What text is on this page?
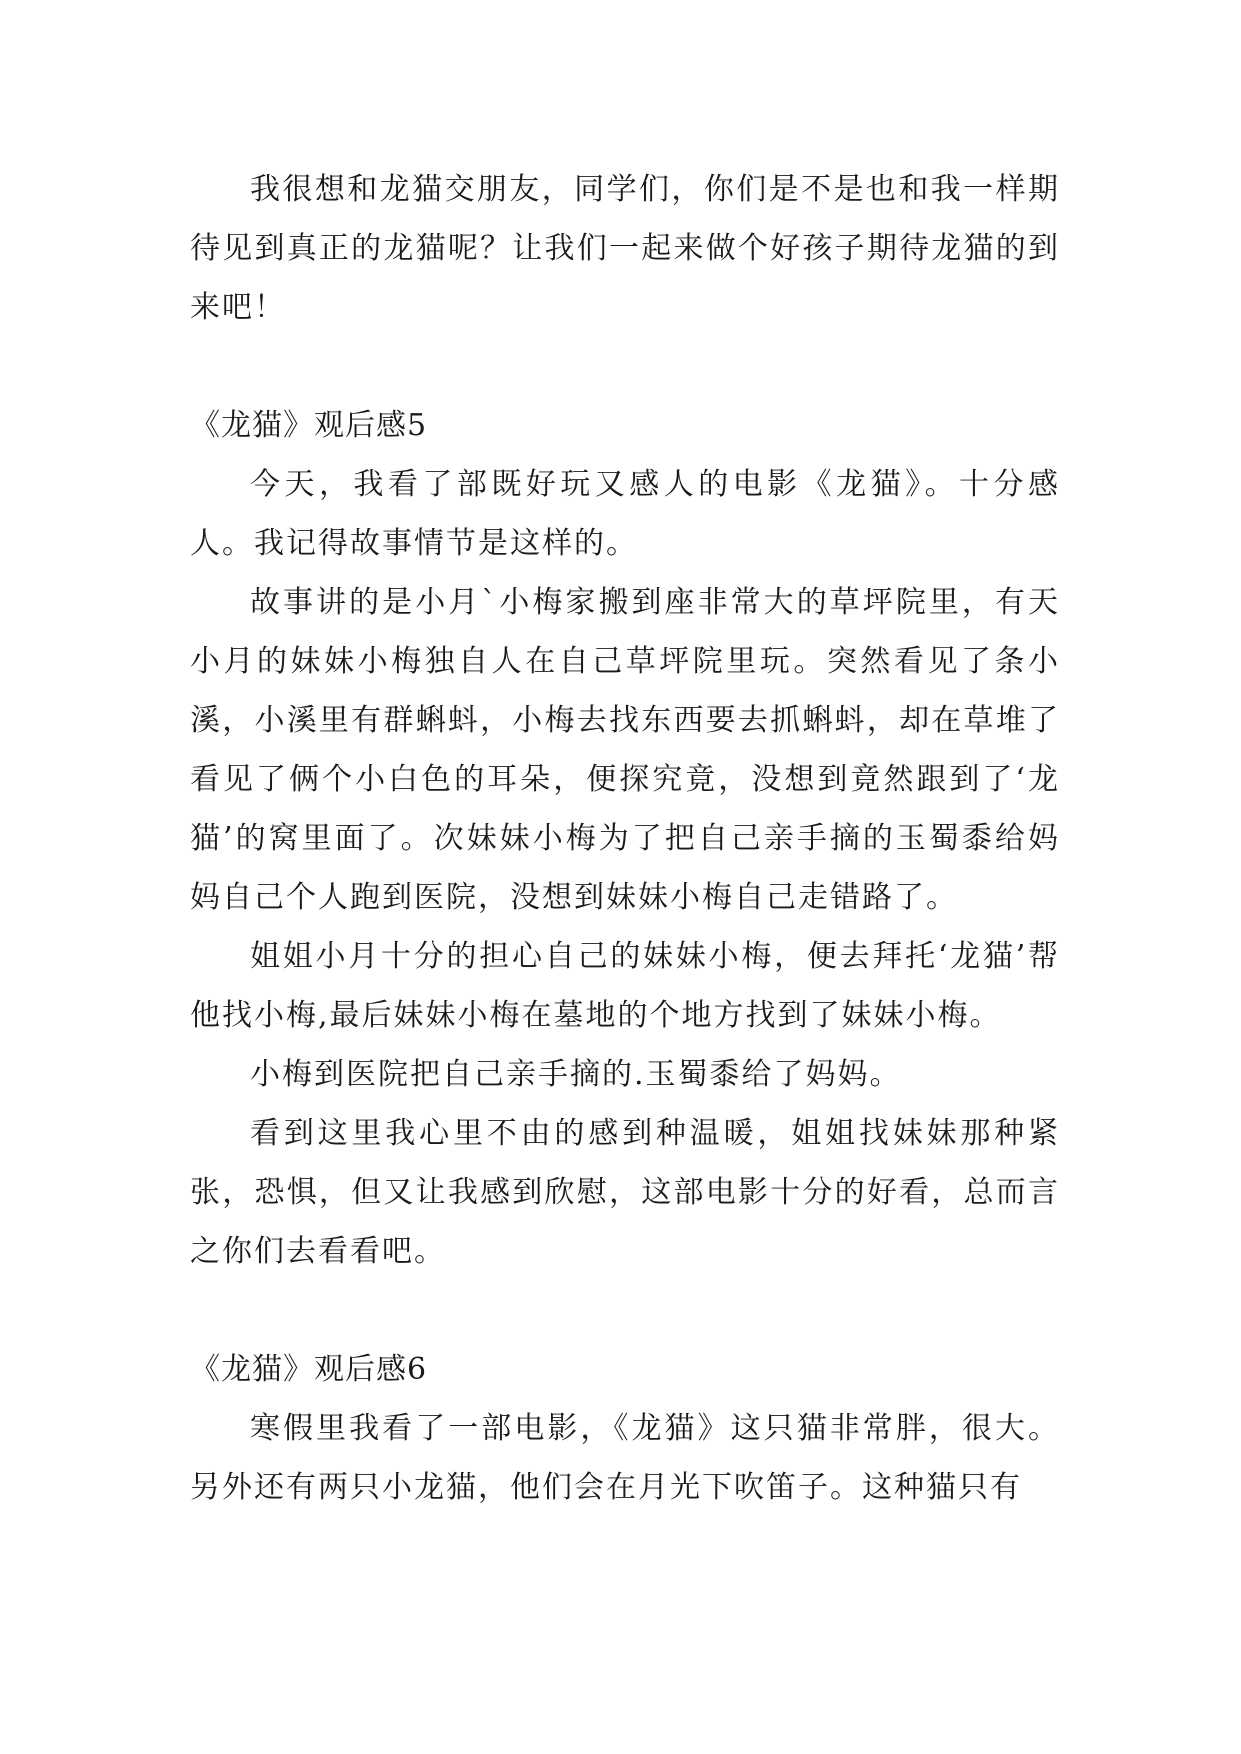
我很想和龙猫交朋友，同学们，你们是不是也和我一样期待见到真正的龙猫呢？让我们一起来做个好孩子期待龙猫的到来吧！

《龙猫》观后感5

今天，我看了部既好玩又感人的电影《龙猫》。十分感人。我记得故事情节是这样的。

故事讲的是小月`小梅家搬到座非常大的草坪院里，有天小月的妹妹小梅独自人在自己草坪院里玩。突然看见了条小溪，小溪里有群蝌蚪，小梅去找东西要去抓蝌蚪，却在草堆了看见了俩个小白色的耳朵，便探究竟，没想到竟然跟到了‘龙猫’的窝里面了。次妹妹小梅为了把自己亲手摘的玉蜀黍给妈妈自己个人跑到医院，没想到妹妹小梅自己走错路了。

姐姐小月十分的担心自己的妹妹小梅，便去拜托‘龙猫’帮他找小梅,最后妹妹小梅在墓地的个地方找到了妹妹小梅。

小梅到医院把自己亲手摘的.玉蜀黍给了妈妈。

看到这里我心里不由的感到种温暖，姐姐找妹妹那种紧张，恐惧，但又让我感到欣慰，这部电影十分的好看，总而言之你们去看看吧。

《龙猫》观后感6

寒假里我看了一部电影，《龙猫》这只猫非常胖，很大。另外还有两只小龙猫，他们会在月光下吹笛子。这种猫只有
